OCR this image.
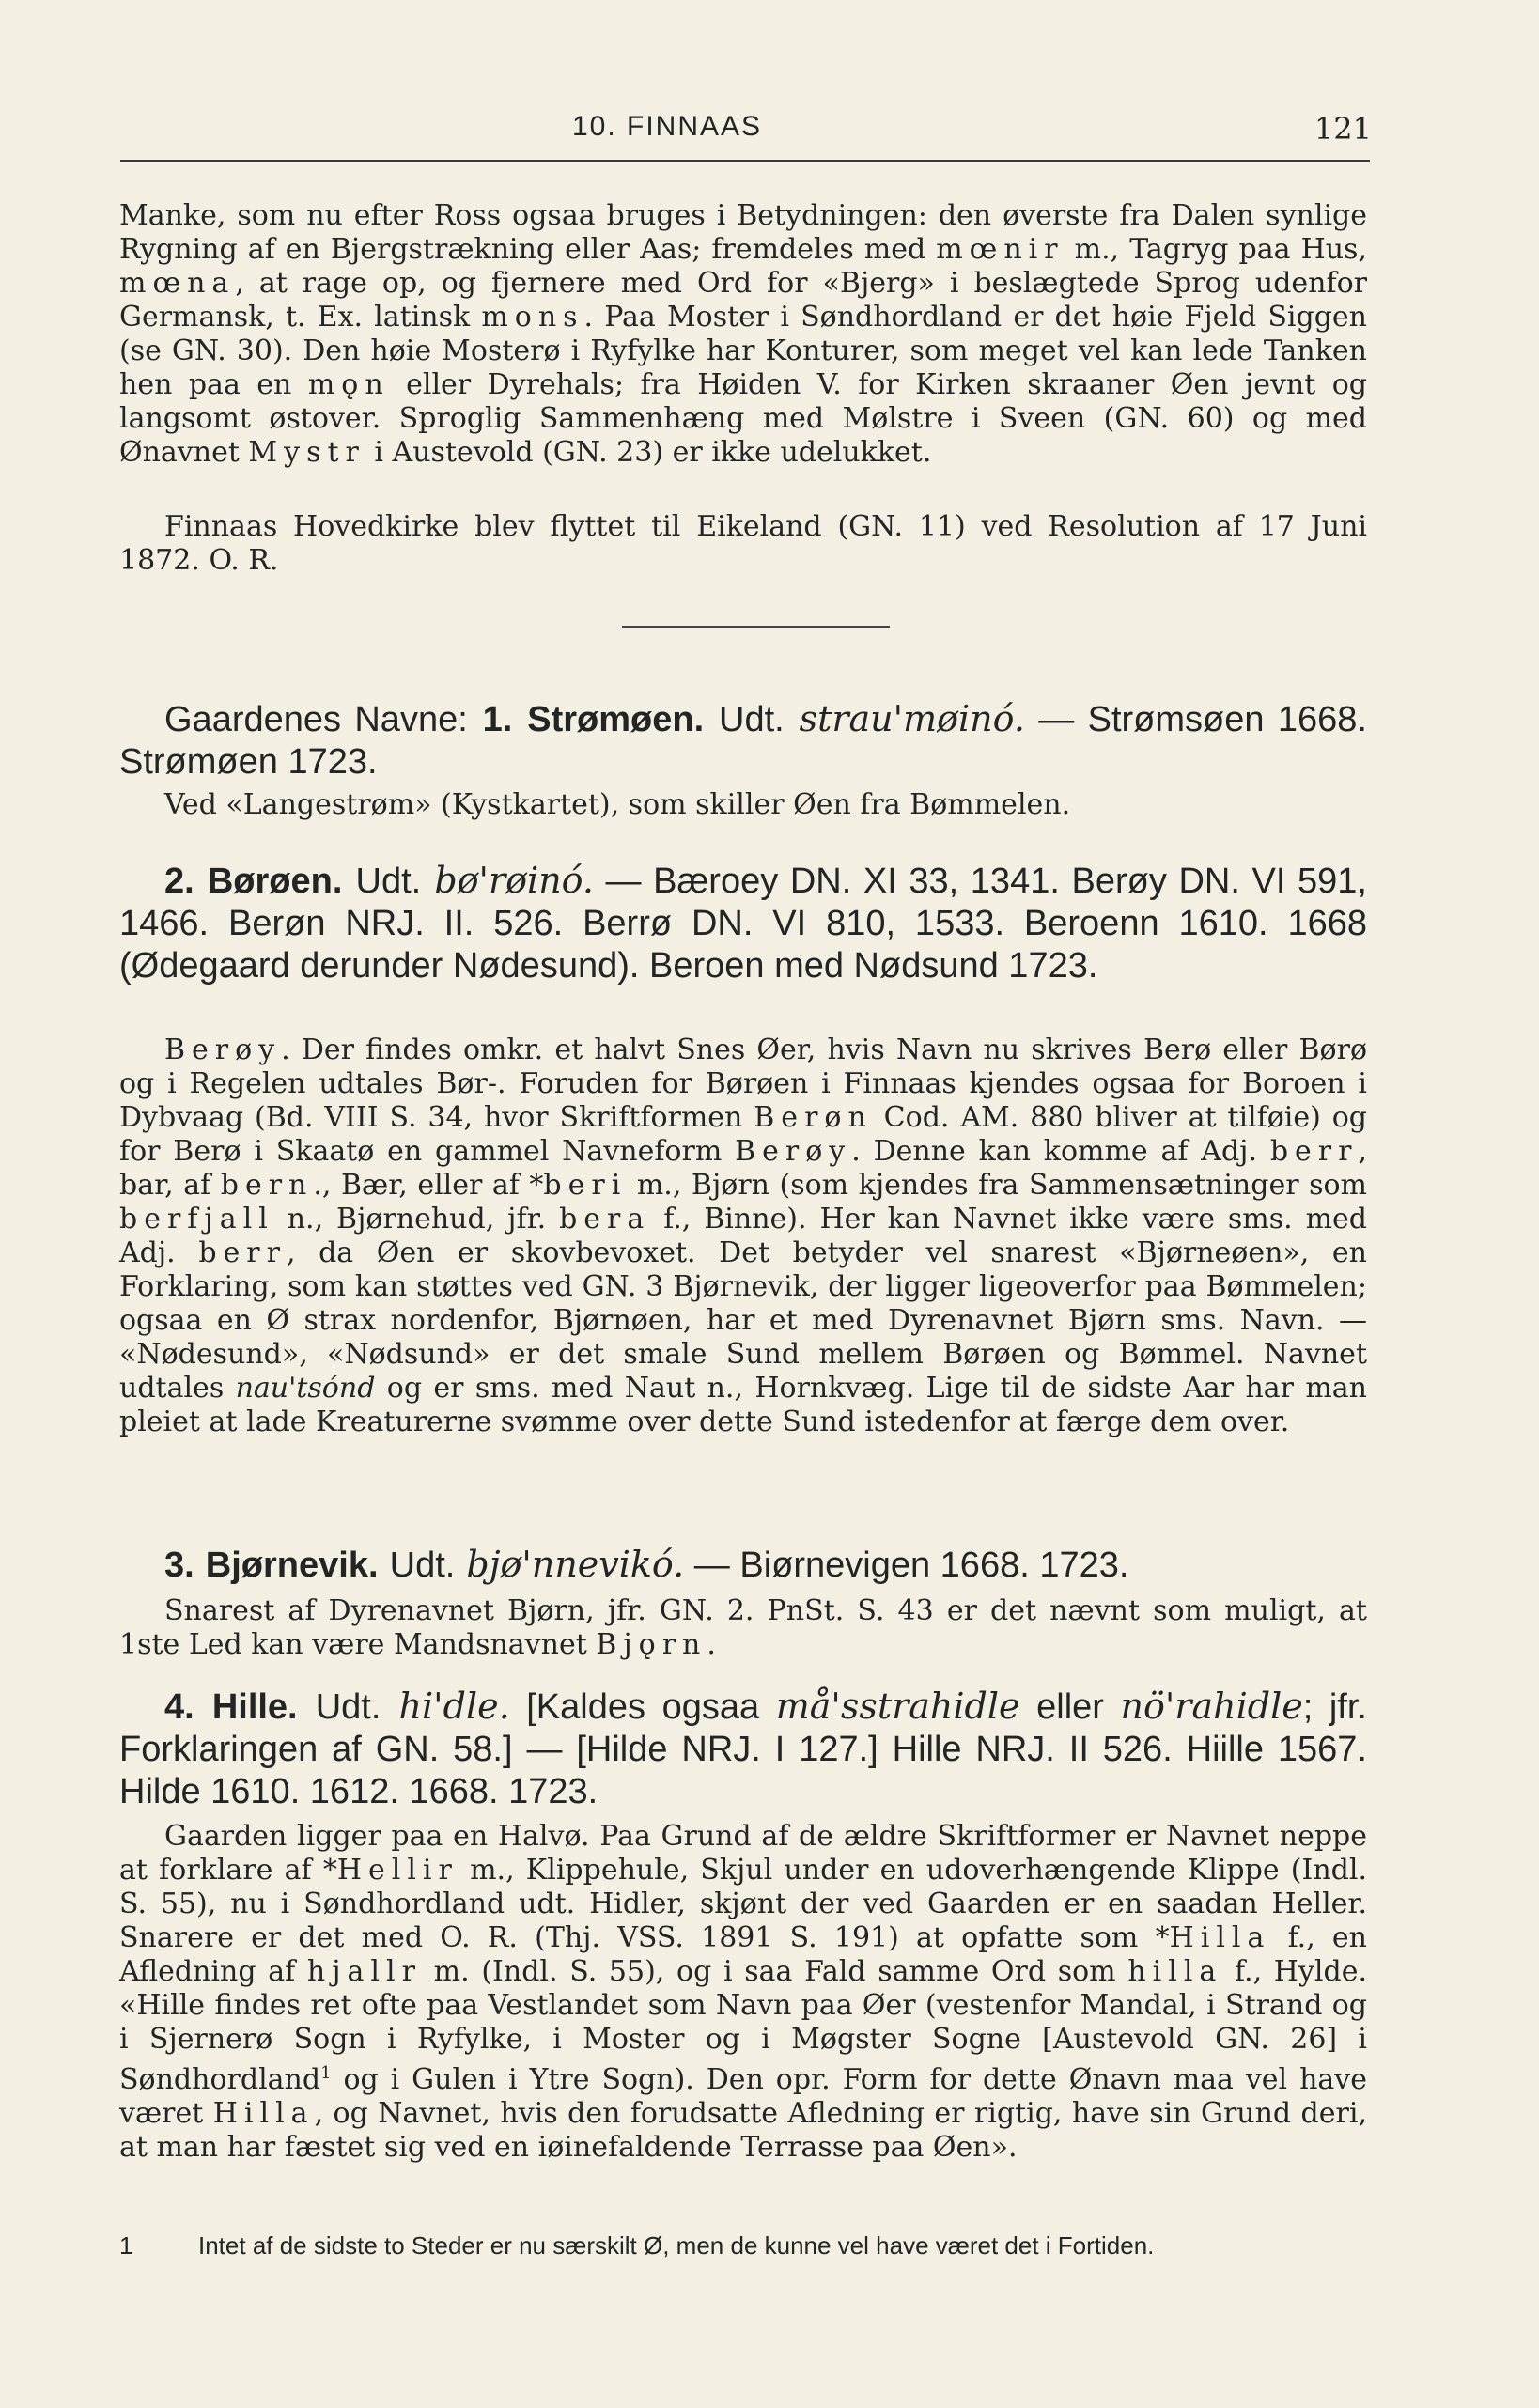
10. FINNAAS	121

Manke, som nu efter Ross ogsaa bruges i Betydningen: den øverste fra Dalen synlige Rygning af en Bjergstrækning eller Aas; fremdeles med mœnir m., Tagryg paa Hus, mœna, at rage op, og fjernere med Ord for «Bjerg» i beslægtede Sprog udenfor Germansk, t. Ex. latinsk mons. Paa Moster i Søndhordland er det høie Fjeld Siggen (se GN. 30). Den høie Mosterø i Ryfylke har Konturer, som meget vel kan lede Tanken hen paa en mǫn eller Dyrehals; fra Høiden V. for Kirken skraaner Øen jevnt og langsomt østover. Sproglig Sammenhæng med Mølstre i Sveen (GN. 60) og med Ønavnet Mystr i Austevold (GN. 23) er ikke udelukket.

Finnaas Hovedkirke blev flyttet til Eikeland (GN. 11) ved Resolution af 17 Juni 1872. O. R.

Gaardenes Navne: 1. Strømøen. Udt. strau'møinó. — Strømsøen 1668. Strømøen 1723.

Ved «Langestrøm» (Kystkartet), som skiller Øen fra Bømmelen.

2. Børøen. Udt. bø'røinó. — Bæroey DN. XI 33, 1341. Berøy DN. VI 591, 1466. Berøn NRJ. II. 526. Berrø DN. VI 810, 1533. Beroenn 1610. 1668 (Ødegaard derunder Nødesund). Beroen med Nødsund 1723.

Berøy. Der findes omkr. et halvt Snes Øer, hvis Navn nu skrives Berø eller Børø og i Regelen udtales Bør-. Foruden for Børøen i Finnaas kjendes ogsaa for Boroen i Dybvaag (Bd. VIII S. 34, hvor Skriftformen Berøn Cod. AM. 880 bliver at tilføie) og for Berø i Skaatø en gammel Navneform Berøy. Denne kan komme af Adj. berr, bar, af bern., Bær, eller af *beri m., Bjørn (som kjendes fra Sammensætninger som berfjall n., Bjørnehud, jfr. bera f., Binne). Her kan Navnet ikke være sms. med Adj. berr, da Øen er skovbevoxet. Det betyder vel snarest «Bjørneøen», en Forklaring, som kan støttes ved GN. 3 Bjørnevik, der ligger ligeoverfor paa Bømmelen; ogsaa en Ø strax nordenfor, Bjørnøen, har et med Dyrenavnet Bjørn sms. Navn. — «Nødesund», «Nødsund» er det smale Sund mellem Børøen og Bømmel. Navnet udtales nau'tsónd og er sms. med Naut n., Hornkvæg. Lige til de sidste Aar har man pleiet at lade Kreaturerne svømme over dette Sund istedenfor at færge dem over.

3. Bjørnevik. Udt. bjø'nnevikó. — Biørnevigen 1668. 1723.

Snarest af Dyrenavnet Bjørn, jfr. GN. 2. PnSt. S. 43 er det nævnt som muligt, at 1ste Led kan være Mandsnavnet Bjǫrn.

4. Hille. Udt. hi'dle. [Kaldes ogsaa må'sstrahidle eller nö'rahidle; jfr. Forklaringen af GN. 58.] — [Hilde NRJ. I 127.] Hille NRJ. II 526. Hiille 1567. Hilde 1610. 1612. 1668. 1723.

Gaarden ligger paa en Halvø. Paa Grund af de ældre Skriftformer er Navnet neppe at forklare af *Hellir m., Klippehule, Skjul under en udoverhængende Klippe (Indl. S. 55), nu i Søndhordland udt. Hidler, skjønt der ved Gaarden er en saadan Heller. Snarere er det med O. R. (Thj. VSS. 1891 S. 191) at opfatte som *Hilla f., en Afledning af hjallr m. (Indl. S. 55), og i saa Fald samme Ord som hilla f., Hylde. «Hille findes ret ofte paa Vestlandet som Navn paa Øer (vestenfor Mandal, i Strand og i Sjernerø Sogn i Ryfylke, i Moster og i Møgster Sogne [Austevold GN. 26] i Søndhordland$^1$ og i Gulen i Ytre Sogn). Den opr. Form for dette Ønavn maa vel have været Hilla, og Navnet, hvis den forudsatte Afledning er rigtig, have sin Grund deri, at man har fæstet sig ved en iøinefaldende Terrasse paa Øen».

1	Intet af de sidste to Steder er nu særskilt Ø, men de kunne vel have været det i Fortiden.
